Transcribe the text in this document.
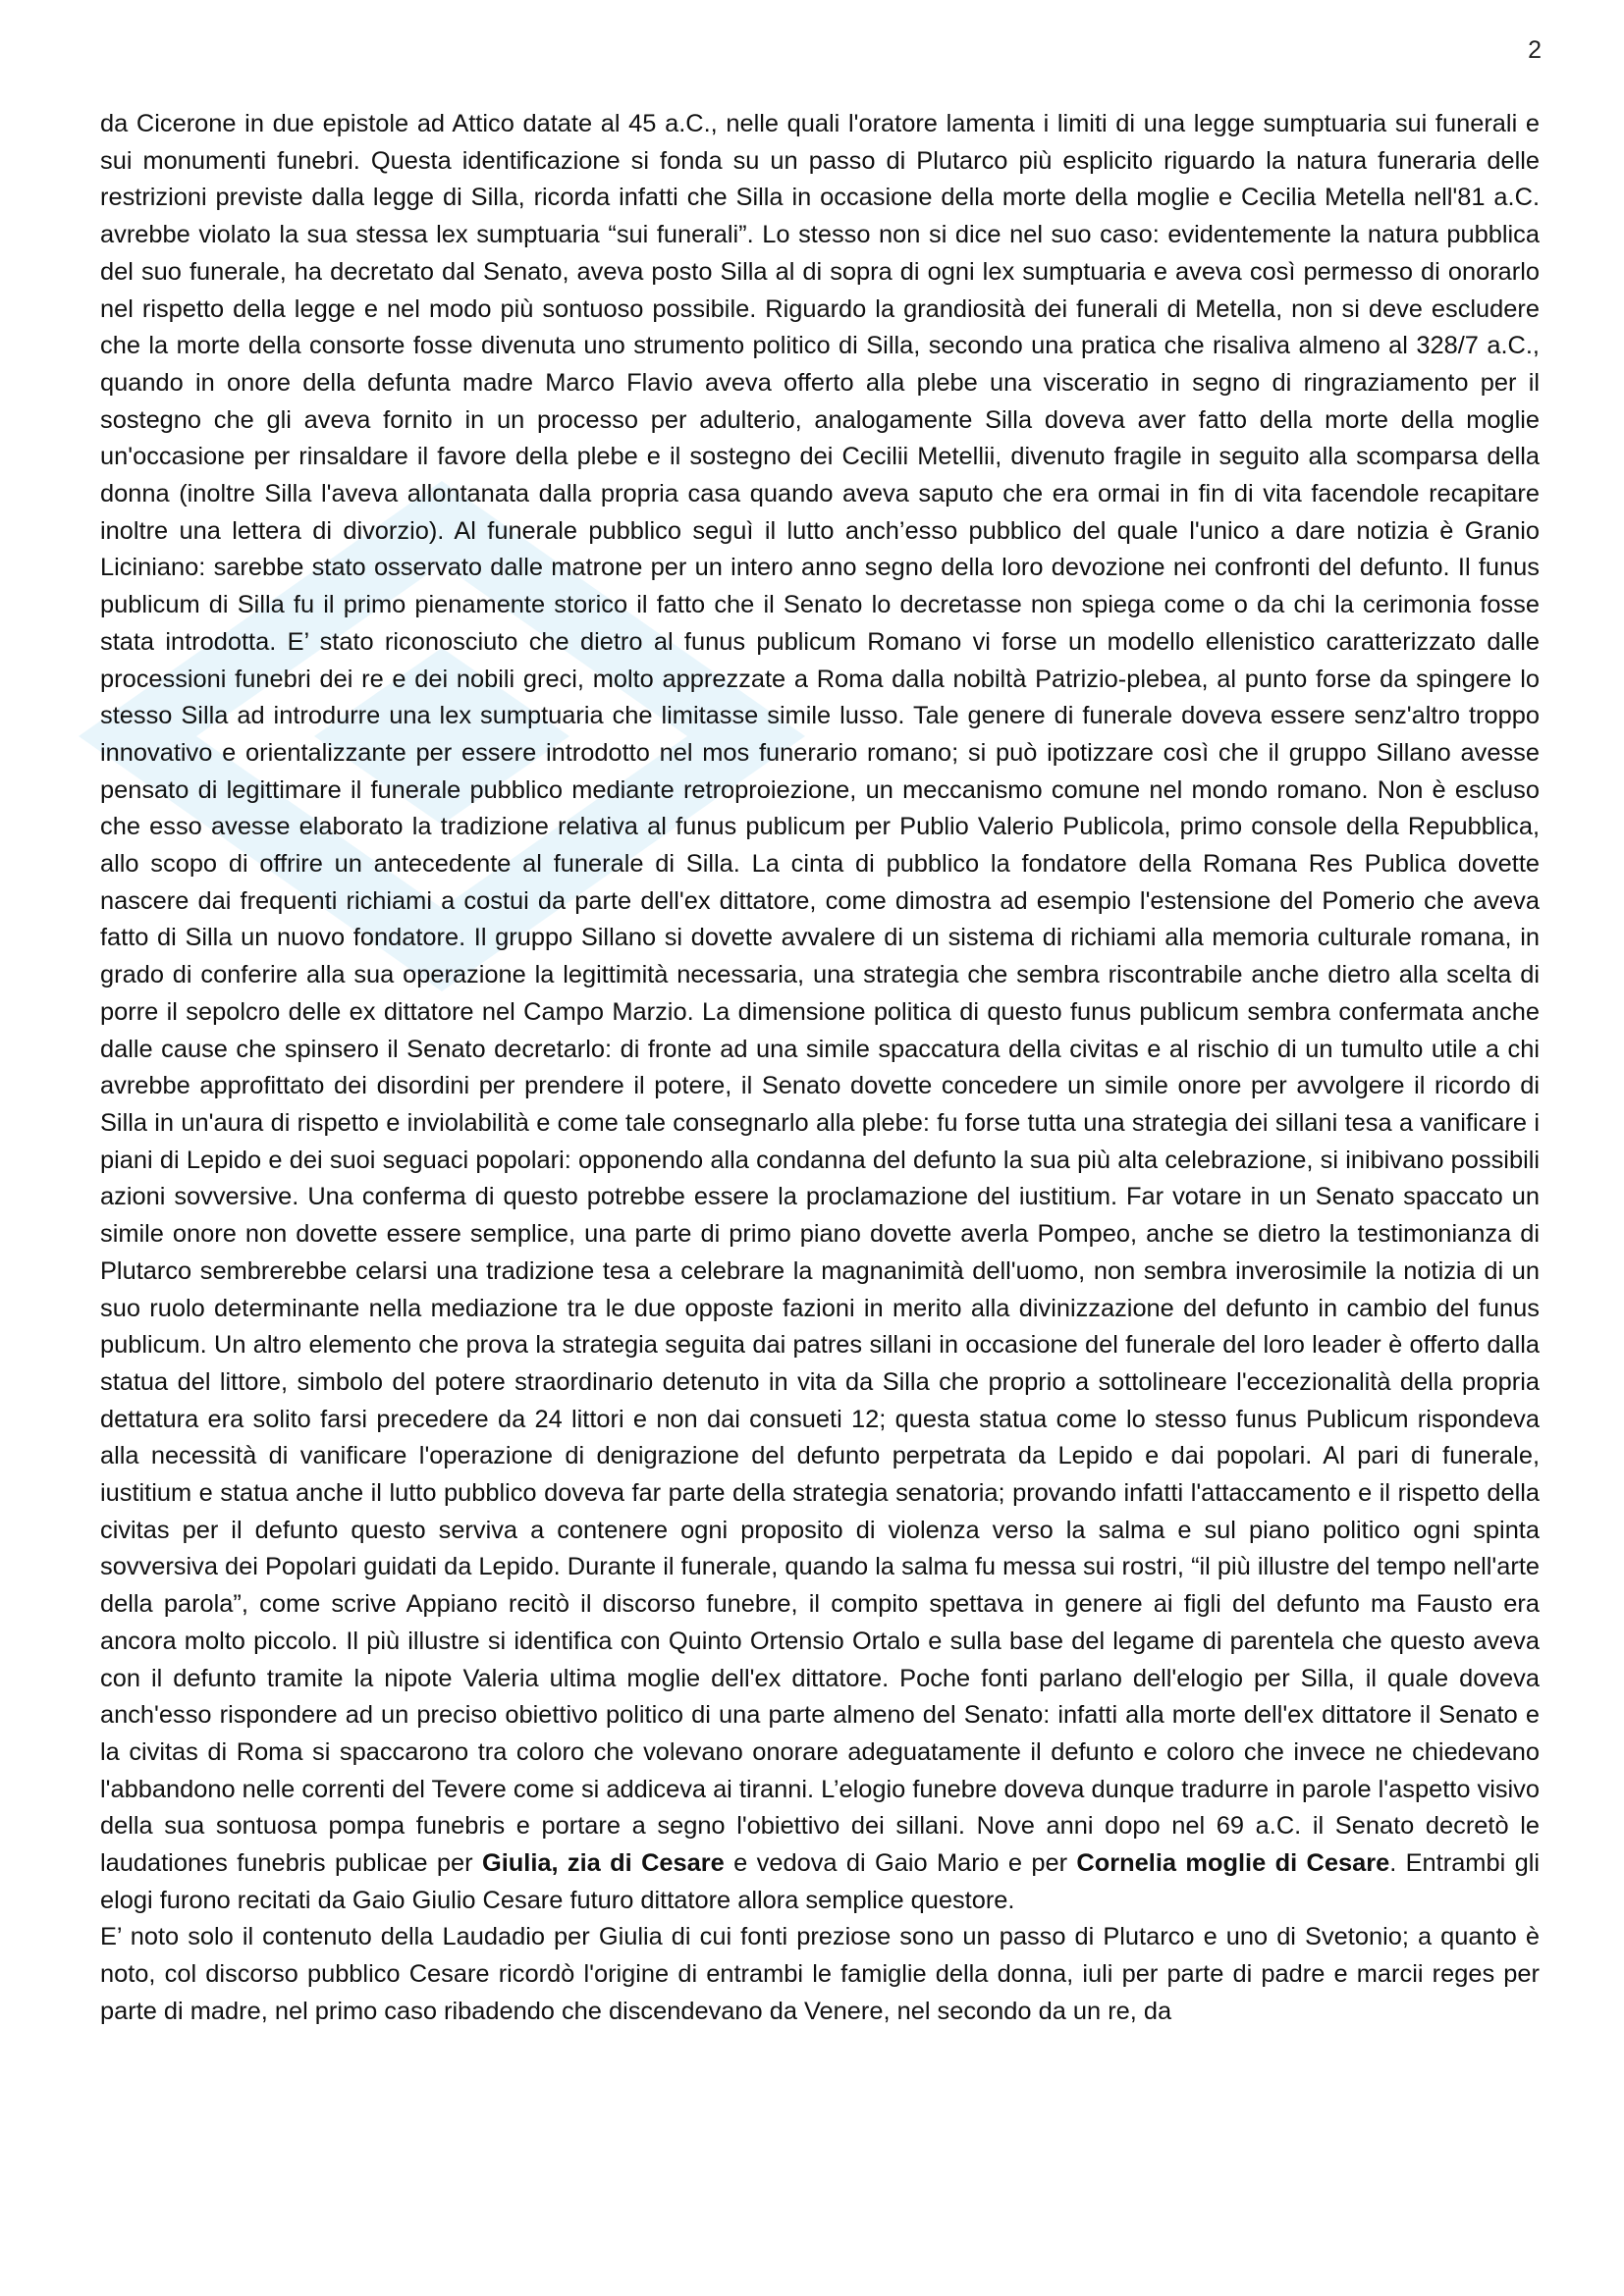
2

da Cicerone in due epistole ad Attico datate al 45 a.C., nelle quali l'oratore lamenta i limiti di una legge sumptuaria sui funerali e sui monumenti funebri. Questa identificazione si fonda su un passo di Plutarco più esplicito riguardo la natura funeraria delle restrizioni previste dalla legge di Silla, ricorda infatti che Silla in occasione della morte della moglie e Cecilia Metella nell'81 a.C. avrebbe violato la sua stessa lex sumptuaria “sui funerali”. Lo stesso non si dice nel suo caso: evidentemente la natura pubblica del suo funerale, ha decretato dal Senato, aveva posto Silla al di sopra di ogni lex sumptuaria e aveva così permesso di onorarlo nel rispetto della legge e nel modo più sontuoso possibile. Riguardo la grandiosità dei funerali di Metella, non si deve escludere che la morte della consorte fosse divenuta uno strumento politico di Silla, secondo una pratica che risaliva almeno al 328/7 a.C., quando in onore della defunta madre Marco Flavio aveva offerto alla plebe una visceratio in segno di ringraziamento per il sostegno che gli aveva fornito in un processo per adulterio, analogamente Silla doveva aver fatto della morte della moglie un'occasione per rinsaldare il favore della plebe e il sostegno dei Cecilii Metellii, divenuto fragile in seguito alla scomparsa della donna (inoltre Silla l'aveva allontanata dalla propria casa quando aveva saputo che era ormai in fin di vita facendole recapitare inoltre una lettera di divorzio). Al funerale pubblico seguì il lutto anch’esso pubblico del quale l'unico a dare notizia è Granio Liciniano: sarebbe stato osservato dalle matrone per un intero anno segno della loro devozione nei confronti del defunto. Il funus publicum di Silla fu il primo pienamente storico il fatto che il Senato lo decretasse non spiega come o da chi la cerimonia fosse stata introdotta. E’ stato riconosciuto che dietro al funus publicum Romano vi forse un modello ellenistico caratterizzato dalle processioni funebri dei re e dei nobili greci, molto apprezzate a Roma dalla nobiltà Patrizio-plebea, al punto forse da spingere lo stesso Silla ad introdurre una lex sumptuaria che limitasse simile lusso. Tale genere di funerale doveva essere senz'altro troppo innovativo e orientalizzante per essere introdotto nel mos funerario romano; si può ipotizzare così che il gruppo Sillano avesse pensato di legittimare il funerale pubblico mediante retroproiezione, un meccanismo comune nel mondo romano. Non è escluso che esso avesse elaborato la tradizione relativa al funus publicum per Publio Valerio Publicola, primo console della Repubblica, allo scopo di offrire un antecedente al funerale di Silla. La cinta di pubblico la fondatore della Romana Res Publica dovette nascere dai frequenti richiami a costui da parte dell'ex dittatore, come dimostra ad esempio l'estensione del Pomerio che aveva fatto di Silla un nuovo fondatore. Il gruppo Sillano si dovette avvalere di un sistema di richiami alla memoria culturale romana, in grado di conferire alla sua operazione la legittimità necessaria, una strategia che sembra riscontrabile anche dietro alla scelta di porre il sepolcro delle ex dittatore nel Campo Marzio. La dimensione politica di questo funus publicum sembra confermata anche dalle cause che spinsero il Senato decretarlo: di fronte ad una simile spaccatura della civitas e al rischio di un tumulto utile a chi avrebbe approfittato dei disordini per prendere il potere, il Senato dovette concedere un simile onore per avvolgere il ricordo di Silla in un'aura di rispetto e inviolabilità e come tale consegnarlo alla plebe: fu forse tutta una strategia dei sillani tesa a vanificare i piani di Lepido e dei suoi seguaci popolari: opponendo alla condanna del defunto la sua più alta celebrazione, si inibivano possibili azioni sovversive. Una conferma di questo potrebbe essere la proclamazione del iustitium. Far votare in un Senato spaccato un simile onore non dovette essere semplice, una parte di primo piano dovette averla Pompeo, anche se dietro la testimonianza di Plutarco sembrerebbe celarsi una tradizione tesa a celebrare la magnanimità dell'uomo, non sembra inverosimile la notizia di un suo ruolo determinante nella mediazione tra le due opposte fazioni in merito alla divinizzazione del defunto in cambio del funus publicum. Un altro elemento che prova la strategia seguita dai patres sillani in occasione del funerale del loro leader è offerto dalla statua del littore, simbolo del potere straordinario detenuto in vita da Silla che proprio a sottolineare l'eccezionalità della propria dettatura era solito farsi precedere da 24 littori e non dai consueti 12; questa statua come lo stesso funus Publicum rispondeva alla necessità di vanificare l'operazione di denigrazione del defunto perpetrata da Lepido e dai popolari. Al pari di funerale, iustitium e statua anche il lutto pubblico doveva far parte della strategia senatoria; provando infatti l'attaccamento e il rispetto della civitas per il defunto questo serviva a contenere ogni proposito di violenza verso la salma e sul piano politico ogni spinta sovversiva dei Popolari guidati da Lepido. Durante il funerale, quando la salma fu messa sui rostri, “il più illustre del tempo nell'arte della parola”, come scrive Appiano recitò il discorso funebre, il compito spettava in genere ai figli del defunto ma Fausto era ancora molto piccolo. Il più illustre si identifica con Quinto Ortensio Ortalo e sulla base del legame di parentela che questo aveva con il defunto tramite la nipote Valeria ultima moglie dell'ex dittatore. Poche fonti parlano dell'elogio per Silla, il quale doveva anch'esso rispondere ad un preciso obiettivo politico di una parte almeno del Senato: infatti alla morte dell'ex dittatore il Senato e la civitas di Roma si spaccarono tra coloro che volevano onorare adeguatamente il defunto e coloro che invece ne chiedevano l'abbandono nelle correnti del Tevere come si addiceva ai tiranni. L’elogio funebre doveva dunque tradurre in parole l'aspetto visivo della sua sontuosa pompa funebris e portare a segno l'obiettivo dei sillani. Nove anni dopo nel 69 a.C. il Senato decretò le laudationes funebris publicae per Giulia, zia di Cesare e vedova di Gaio Mario e per Cornelia moglie di Cesare. Entrambi gli elogi furono recitati da Gaio Giulio Cesare futuro dittatore allora semplice questore.

E’ noto solo il contenuto della Laudadio per Giulia di cui fonti preziose sono un passo di Plutarco e uno di Svetonio; a quanto è noto, col discorso pubblico Cesare ricordò l'origine di entrambi le famiglie della donna, iuli per parte di padre e marcii reges per parte di madre, nel primo caso ribadendo che discendevano da Venere, nel secondo da un re, da
